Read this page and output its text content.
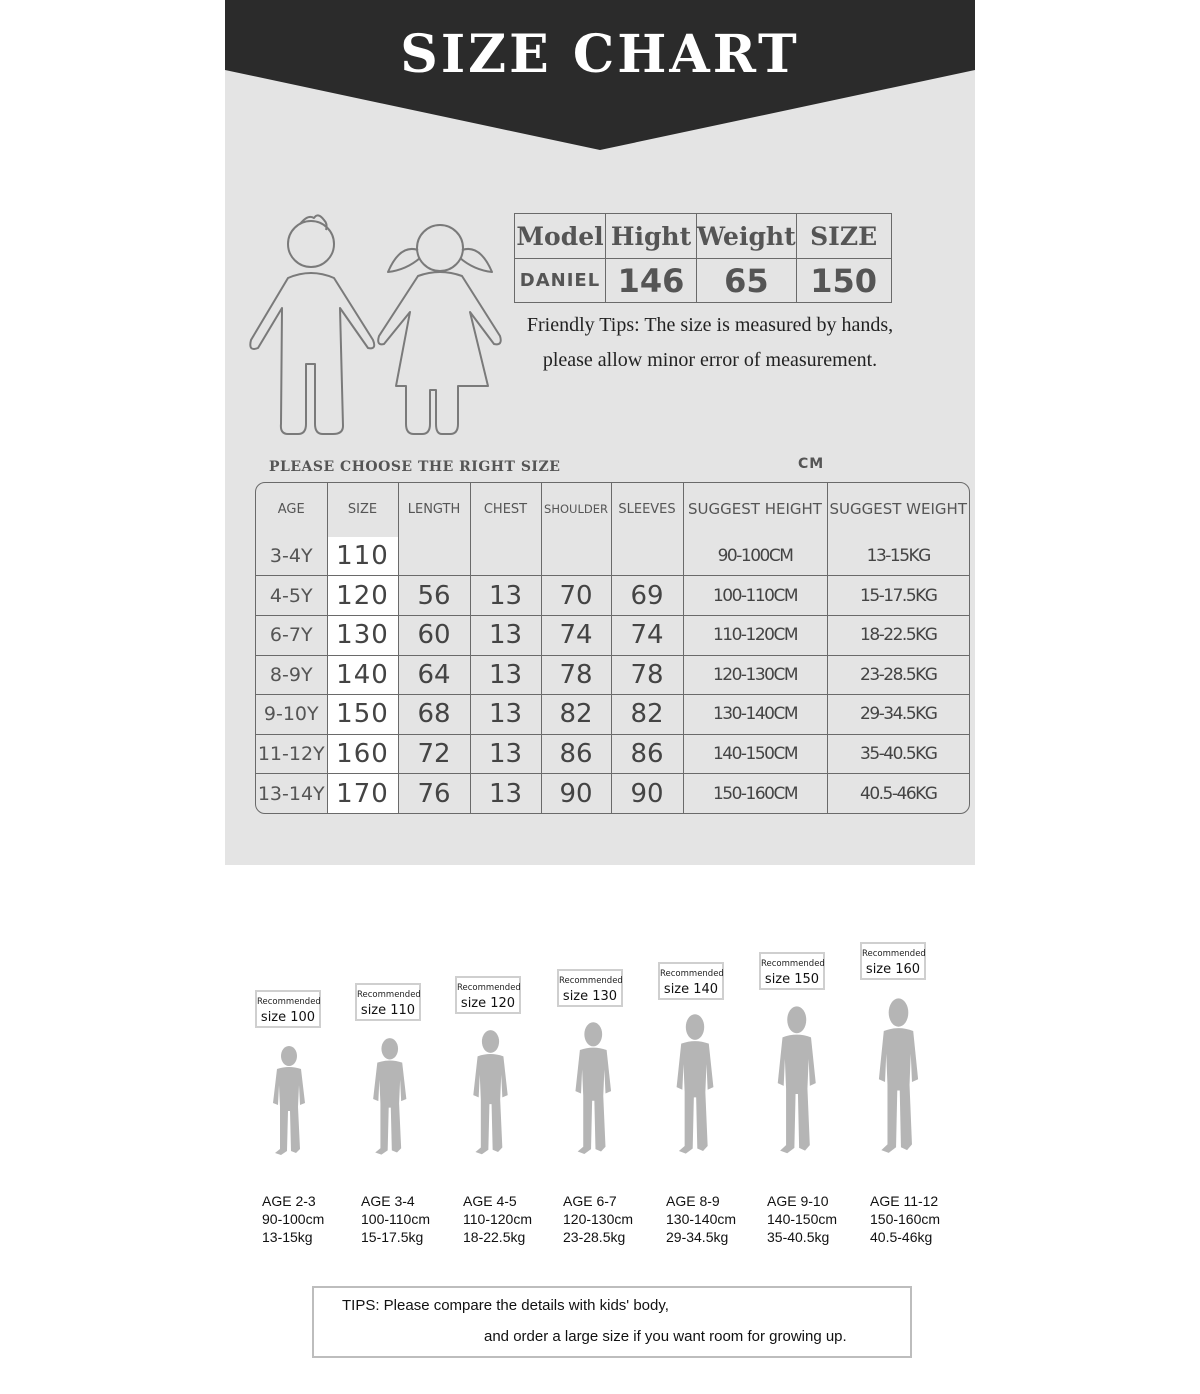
SIZE CHART
Model	Hight	Weight	SIZE
DANIEL	146	65	150
Friendly Tips: The size is measured by hands,
please allow minor error of measurement.
PLEASE CHOOSE THE RIGHT SIZE	CM
AGE	SIZE	LENGTH	CHEST	SHOULDER	SLEEVES	SUGGEST HEIGHT	SUGGEST WEIGHT
3-4Y	110					90-100CM	13-15KG
4-5Y	120	56	13	70	69	100-110CM	15-17.5KG
6-7Y	130	60	13	74	74	110-120CM	18-22.5KG
8-9Y	140	64	13	78	78	120-130CM	23-28.5KG
9-10Y	150	68	13	82	82	130-140CM	29-34.5KG
11-12Y	160	72	13	86	86	140-150CM	35-40.5KG
13-14Y	170	76	13	90	90	150-160CM	40.5-46KG
Recommended
size 100
AGE 2-3
90-100cm
13-15kg
Recommended
size 110
AGE 3-4
100-110cm
15-17.5kg
Recommended
size 120
AGE 4-5
110-120cm
18-22.5kg
Recommended
size 130
AGE 6-7
120-130cm
23-28.5kg
Recommended
size 140
AGE 8-9
130-140cm
29-34.5kg
Recommended
size 150
AGE 9-10
140-150cm
35-40.5kg
Recommended
size 160
AGE 11-12
150-160cm
40.5-46kg
TIPS: Please compare the details with kids' body,
and order a large size if you want room for growing up.
